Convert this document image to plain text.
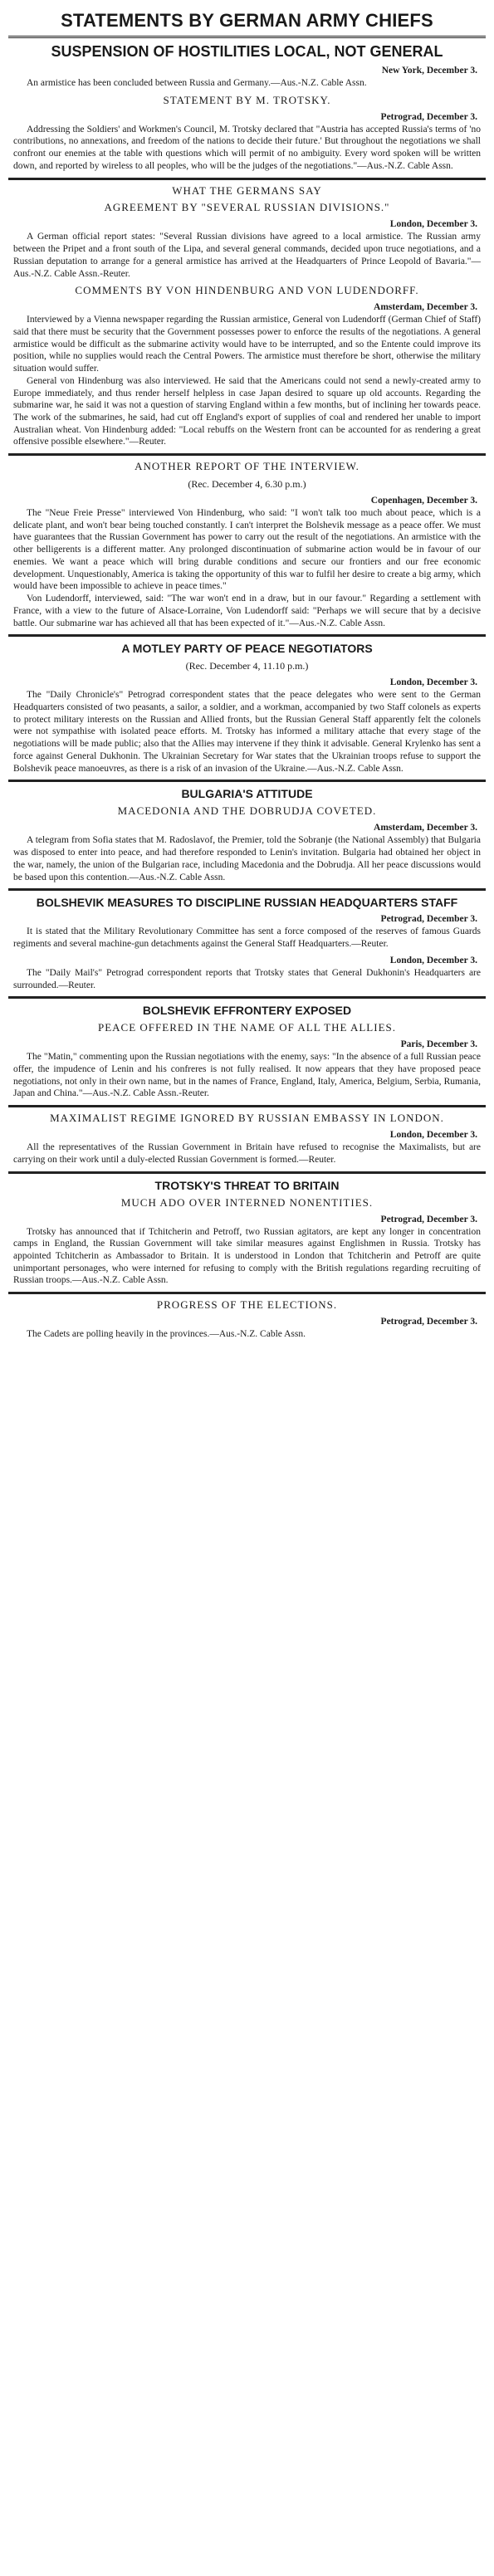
STATEMENTS BY GERMAN ARMY CHIEFS
SUSPENSION OF HOSTILITIES LOCAL, NOT GENERAL
New York, December 3.
An armistice has been concluded between Russia and Germany.—Aus.-N.Z. Cable Assn.
STATEMENT BY M. TROTSKY.
Petrograd, December 3.
Addressing the Soldiers' and Workmen's Council, M. Trotsky declared that "Austria has accepted Russia's terms of 'no contributions, no annexations, and freedom of the nations to decide their future.' But throughout the negotiations we shall confront our enemies at the table with questions which will permit of no ambiguity. Every word spoken will be written down, and reported by wireless to all peoples, who will be the judges of the negotiations."—Aus.-N.Z. Cable Assn.
WHAT THE GERMANS SAY
AGREEMENT BY "SEVERAL RUSSIAN DIVISIONS."
London, December 3.
A German official report states: "Several Russian divisions have agreed to a local armistice. The Russian army between the Pripet and a front south of the Lipa, and several general commands, decided upon truce negotiations, and a Russian deputation to arrange for a general armistice has arrived at the Headquarters of Prince Leopold of Bavaria."—Aus.-N.Z. Cable Assn.-Reuter.
COMMENTS BY VON HINDENBURG AND VON LUDENDORFF.
Amsterdam, December 3.
Interviewed by a Vienna newspaper regarding the Russian armistice, General von Ludendorff (German Chief of Staff) said that there must be security that the Government possesses power to enforce the results of the negotiations. A general armistice would be difficult as the submarine activity would have to be interrupted, and so the Entente could improve its position, while no supplies would reach the Central Powers. The armistice must therefore be short, otherwise the military situation would suffer.
General von Hindenburg was also interviewed. He said that the Americans could not send a newly-created army to Europe immediately, and thus render herself helpless in case Japan desired to square up old accounts. Regarding the submarine war, he said it was not a question of starving England within a few months, but of inclining her towards peace. The work of the submarines, he said, had cut off England's export of supplies of coal and rendered her unable to import Australian wheat. Von Hindenburg added: "Local rebuffs on the Western front can be accounted for as rendering a great offensive possible elsewhere."—Reuter.
ANOTHER REPORT OF THE INTERVIEW.
(Rec. December 4, 6.30 p.m.)
Copenhagen, December 3.
The "Neue Freie Presse" interviewed Von Hindenburg, who said: "I won't talk too much about peace, which is a delicate plant, and won't bear being touched constantly. I can't interpret the Bolshevik message as a peace offer. We must have guarantees that the Russian Government has power to carry out the result of the negotiations. An armistice with the other belligerents is a different matter. Any prolonged discontinuation of submarine action would be in favour of our enemies. We want a peace which will bring durable conditions and secure our frontiers and our free economic development. Unquestionably, America is taking the opportunity of this war to fulfil her desire to create a big army, which would have been impossible to achieve in peace times."
Von Ludendorff, interviewed, said: "The war won't end in a draw, but in our favour." Regarding a settlement with France, with a view to the future of Alsace-Lorraine, Von Ludendorff said: "Perhaps we will secure that by a decisive battle. Our submarine war has achieved all that has been expected of it."—Aus.-N.Z. Cable Assn.
A MOTLEY PARTY OF PEACE NEGOTIATORS
(Rec. December 4, 11.10 p.m.)
London, December 3.
The "Daily Chronicle's" Petrograd correspondent states that the peace delegates who were sent to the German Headquarters consisted of two peasants, a sailor, a soldier, and a workman, accompanied by two Staff colonels as experts to protect military interests on the Russian and Allied fronts, but the Russian General Staff apparently felt the colonels were not sympathise with isolated peace efforts. M. Trotsky has informed a military attache that every stage of the negotiations will be made public; also that the Allies may intervene if they think it advisable. General Krylenko has sent a force against General Dukhonin. The Ukrainian Secretary for War states that the Ukrainian troops refuse to support the Bolshevik peace manoeuvres, as there is a risk of an invasion of the Ukraine.—Aus.-N.Z. Cable Assn.
BULGARIA'S ATTITUDE
MACEDONIA AND THE DOBRUDJA COVETED.
Amsterdam, December 3.
A telegram from Sofia states that M. Radoslavof, the Premier, told the Sobranje (the National Assembly) that Bulgaria was disposed to enter into peace, and had therefore responded to Lenin's invitation. Bulgaria had obtained her object in the war, namely, the union of the Bulgarian race, including Macedonia and the Dobrudja. All her peace discussions would be based upon this contention.—Aus.-N.Z. Cable Assn.
BOLSHEVIK MEASURES TO DISCIPLINE RUSSIAN HEADQUARTERS STAFF
Petrograd, December 3.
It is stated that the Military Revolutionary Committee has sent a force composed of the reserves of famous Guards regiments and several machine-gun detachments against the General Staff Headquarters.—Reuter.
London, December 3.
The "Daily Mail's" Petrograd correspondent reports that Trotsky states that General Dukhonin's Headquarters are surrounded.—Reuter.
BOLSHEVIK EFFRONTERY EXPOSED
PEACE OFFERED IN THE NAME OF ALL THE ALLIES.
Paris, December 3.
The "Matin," commenting upon the Russian negotiations with the enemy, says: "In the absence of a full Russian peace offer, the impudence of Lenin and his confreres is not fully realised. It now appears that they have proposed peace negotiations, not only in their own name, but in the names of France, England, Italy, America, Belgium, Serbia, Rumania, Japan and China."—Aus.-N.Z. Cable Assn.-Reuter.
MAXIMALIST REGIME IGNORED BY RUSSIAN EMBASSY IN LONDON.
London, December 3.
All the representatives of the Russian Government in Britain have refused to recognise the Maximalists, but are carrying on their work until a duly-elected Russian Government is formed.—Reuter.
TROTSKY'S THREAT TO BRITAIN
MUCH ADO OVER INTERNED NONENTITIES.
Petrograd, December 3.
Trotsky has announced that if Tchitcherin and Petroff, two Russian agitators, are kept any longer in concentration camps in England, the Russian Government will take similar measures against Englishmen in Russia. Trotsky has appointed Tchitcherin as Ambassador to Britain. It is understood in London that Tchitcherin and Petroff are quite unimportant personages, who were interned for refusing to comply with the British regulations regarding recruiting of Russian troops.—Aus.-N.Z. Cable Assn.
PROGRESS OF THE ELECTIONS.
Petrograd, December 3.
The Cadets are polling heavily in the provinces.—Aus.-N.Z. Cable Assn.
